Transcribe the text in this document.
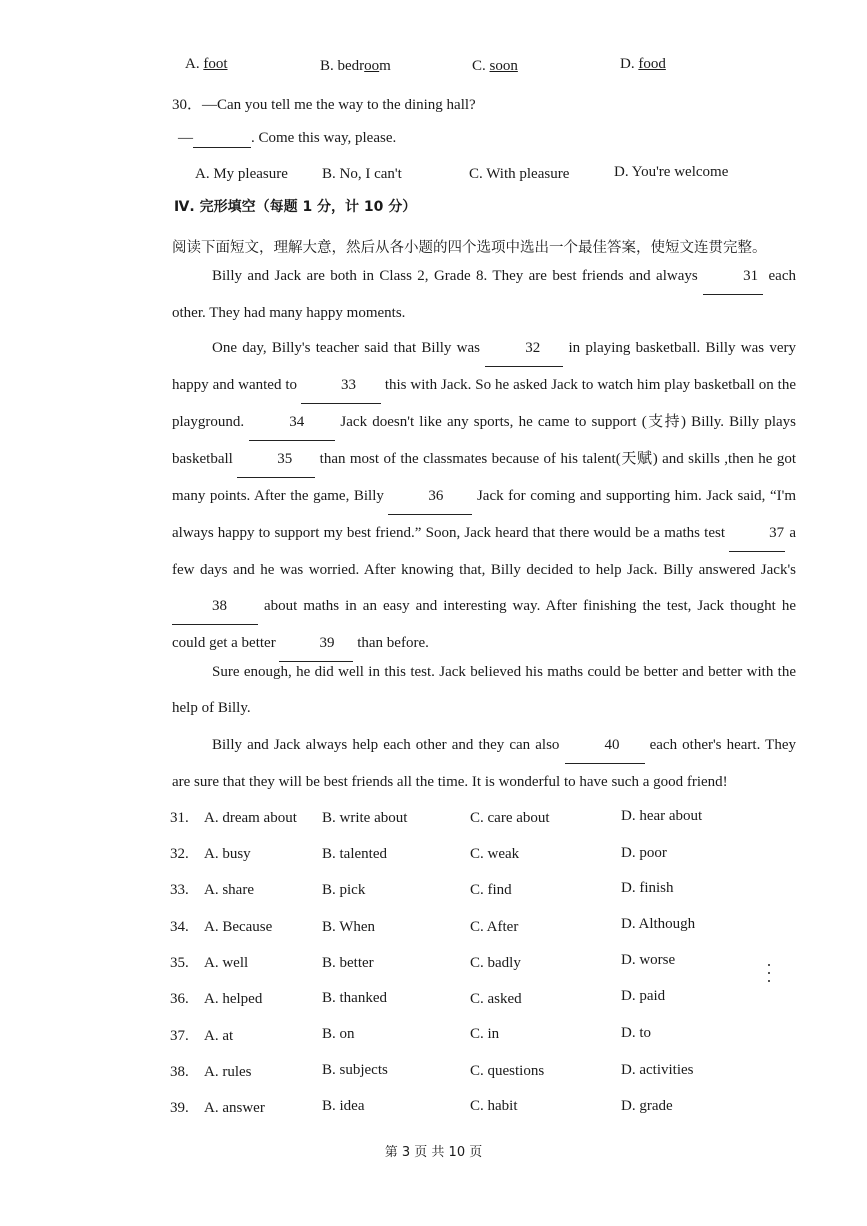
A. foot	B. bedroom	C. soon	D. food
30．—Can you tell me the way to the dining hall?
—	. Come this way, please.
A. My pleasure B. No, I can't	C. With pleasure	D. You're welcome
Ⅳ. 完形填空（每题 1 分，计 10 分）
阅读下面短文，理解大意，然后从各小题的四个选项中选出一个最佳答案，使短文连贯完整。
Billy and Jack are both in Class 2, Grade 8. They are best friends and always	31 each other. They had many happy moments.
One day, Billy's teacher said that Billy was	32 in playing basketball. Billy was very happy and wanted to	33 this with Jack. So he asked Jack to watch him play basketball on the playground.	34 Jack doesn't like any sports, he came to support (支持) Billy. Billy plays basketball	35 than most of the classmates because of his talent(天赋) and skills ,then he got many points. After the game, Billy	36 Jack for coming and supporting him. Jack said, “I'm always happy to support my best friend.” Soon, Jack heard that there would be a maths test	37 a few days and he was worried. After knowing that, Billy decided to help Jack. Billy answered Jack's 38 about maths in an easy and interesting way. After finishing the test, Jack thought he could get a better	39 than before.
Sure enough, he did well in this test. Jack believed his maths could be better and better with the help of Billy.
Billy and Jack always help each other and they can also	40 each other's heart. They are sure that they will be best friends all the time. It is wonderful to have such a good friend!
31. A. dream about B. write about	C. care about	D. hear about
32. A. busy	B. talented	C. weak	D. poor
33. A. share	B. pick	C. find	D. finish
34. A. Because	B. When	C. After	D. Although
35. A. well	B. better	C. badly	D. worse
36. A. helped	B. thanked	C. asked	D. paid
37. A. at	B. on	C. in	D. to
38. A. rules	B. subjects	C. questions	D. activities
39. A. answer	B. idea	C. habit	D. grade
第 3 页 共 10 页
